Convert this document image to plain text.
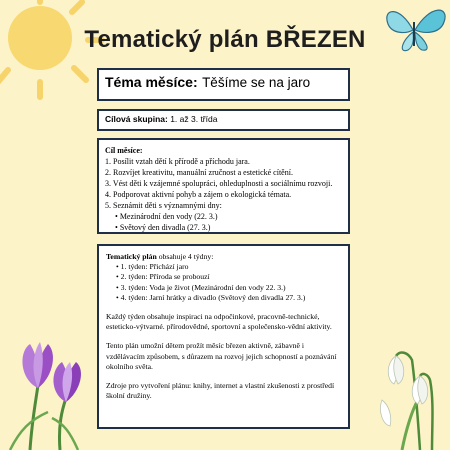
Tematický plán BŘEZEN
Téma měsíce: Těšíme se na jaro
Cílová skupina: 1. až 3. třída
Cíl měsíce:
1. Posílit vztah dětí k přírodě a příchodu jara.
2. Rozvíjet kreativitu, manuální zručnost a estetické cítění.
3. Vést děti k vzájemné spolupráci, ohleduplnosti a sociálnímu rozvoji.
4. Podporovat aktivní pohyb a zájem o ekologická témata.
5. Seznámit děti s významnými dny:
• Mezinárodní den vody (22. 3.)
• Světový den divadla (27. 3.)

Tematický plán obsahuje 4 týdny:

• 1. týden: Přichází jaro
• 2. týden: Příroda se probouzí
• 3. týden: Voda je život (Mezinárodní den vody 22. 3.)
• 4. týden: Jarní hrátky a divadlo (Světový den divadla 27. 3.)

Každý týden obsahuje inspiraci na odpočinkové, pracovně-technické, esteticko-výtvarné. přírodovědné, sportovní a společensko-vědní aktivity.

Tento plán umožní dětem prožít měsíc březen aktivně, zábavně i vzdělávacím způsobem, s důrazem na rozvoj jejich schopností a poznávání okolního světa.

Zdroje pro vytvoření plánu: knihy, internet a vlastní zkušenosti z prostředí školní družiny.
